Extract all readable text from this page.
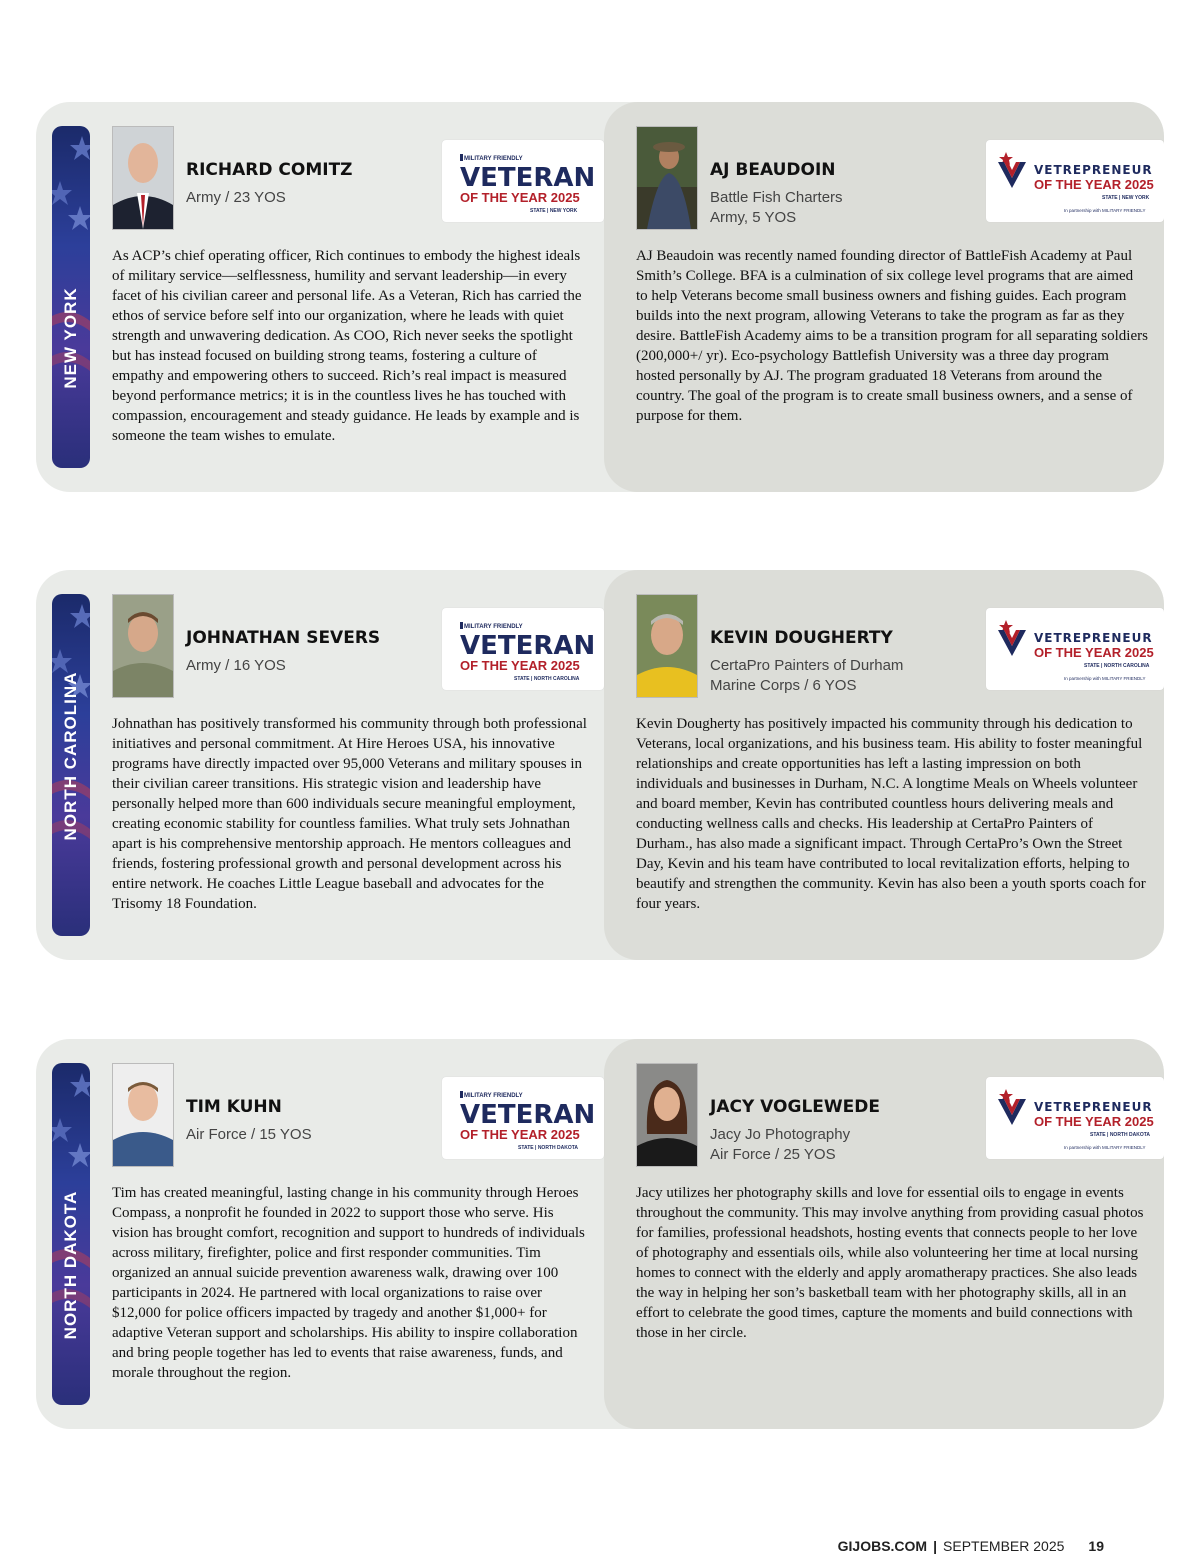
NEW YORK
RICHARD COMITZ
Army / 23 YOS
MILITARY FRIENDLY
VETERAN
OF THE YEAR 2025
STATE | NEW YORK

As ACP’s chief operating officer, Rich continues to embody the highest ideals of military service—selflessness, humility and servant leadership—in every facet of his civilian career and personal life. As a Veteran, Rich has carried the ethos of service before self into our organization, where he leads with quiet strength and unwavering dedication. As COO, Rich never seeks the spotlight but has instead focused on building strong teams, fostering a culture of empathy and empowering others to succeed. Rich’s real impact is measured beyond performance metrics; it is in the countless lives he has touched with compassion, encouragement and steady guidance. He leads by example and is someone the team wishes to emulate.

AJ BEAUDOIN
Battle Fish Charters
Army, 5 YOS
VETREPRENEUR
OF THE YEAR 2025
STATE | NEW YORK
In partnership with MILITARY FRIENDLY

AJ Beaudoin was recently named founding director of BattleFish Academy at Paul Smith’s College. BFA is a culmination of six college level programs that are aimed to help Veterans become small business owners and fishing guides. Each program builds into the next program, allowing Veterans to take the program as far as they desire. BattleFish Academy aims to be a transition program for all separating soldiers (200,000+/ yr). Eco-psychology Battlefish University was a three day program hosted personally by AJ. The program graduated 18 Veterans from around the country. The goal of the program is to create small business owners, and a sense of purpose for them.

NORTH CAROLINA
JOHNATHAN SEVERS
Army / 16 YOS
MILITARY FRIENDLY
VETERAN
OF THE YEAR 2025
STATE | NORTH CAROLINA

Johnathan has positively transformed his community through both professional initiatives and personal commitment. At Hire Heroes USA, his innovative programs have directly impacted over 95,000 Veterans and military spouses in their civilian career transitions. His strategic vision and leadership have personally helped more than 600 individuals secure meaningful employment, creating economic stability for countless families. What truly sets Johnathan apart is his comprehensive mentorship approach. He mentors colleagues and friends, fostering professional growth and personal development across his entire network. He coaches Little League baseball and advocates for the Trisomy 18 Foundation.

KEVIN DOUGHERTY
CertaPro Painters of Durham
Marine Corps / 6 YOS
VETREPRENEUR
OF THE YEAR 2025
STATE | NORTH CAROLINA
In partnership with MILITARY FRIENDLY

Kevin Dougherty has positively impacted his community through his dedication to Veterans, local organizations, and his business team. His ability to foster meaningful relationships and create opportunities has left a lasting impression on both individuals and businesses in Durham, N.C. A longtime Meals on Wheels volunteer and board member, Kevin has contributed countless hours delivering meals and conducting wellness calls and checks. His leadership at CertaPro Painters of Durham., has also made a significant impact. Through CertaPro’s Own the Street Day, Kevin and his team have contributed to local revitalization efforts, helping to beautify and strengthen the community. Kevin has also been a youth sports coach for four years.

NORTH DAKOTA
TIM KUHN
Air Force / 15 YOS
MILITARY FRIENDLY
VETERAN
OF THE YEAR 2025
STATE | NORTH DAKOTA

Tim has created meaningful, lasting change in his community through Heroes Compass, a nonprofit he founded in 2022 to support those who serve. His vision has brought comfort, recognition and support to hundreds of individuals across military, firefighter, police and first responder communities. Tim organized an annual suicide prevention awareness walk, drawing over 100 participants in 2024. He partnered with local organizations to raise over $12,000 for police officers impacted by tragedy and another $1,000+ for adaptive Veteran support and scholarships. His ability to inspire collaboration and bring people together has led to events that raise awareness, funds, and morale throughout the region.

JACY VOGLEWEDE
Jacy Jo Photography
Air Force / 25 YOS
VETREPRENEUR
OF THE YEAR 2025
STATE | NORTH DAKOTA
In partnership with MILITARY FRIENDLY

Jacy utilizes her photography skills and love for essential oils to engage in events throughout the community. This may involve anything from providing casual photos for families, professional headshots, hosting events that connects people to her love of photography and essentials oils, while also volunteering her time at local nursing homes to connect with the elderly and apply aromatherapy practices. She also leads the way in helping her son’s basketball team with her photography skills, all in an effort to celebrate the good times, capture the moments and build connections with those in her circle.

GIJOBS.COM | SEPTEMBER 2025 19
